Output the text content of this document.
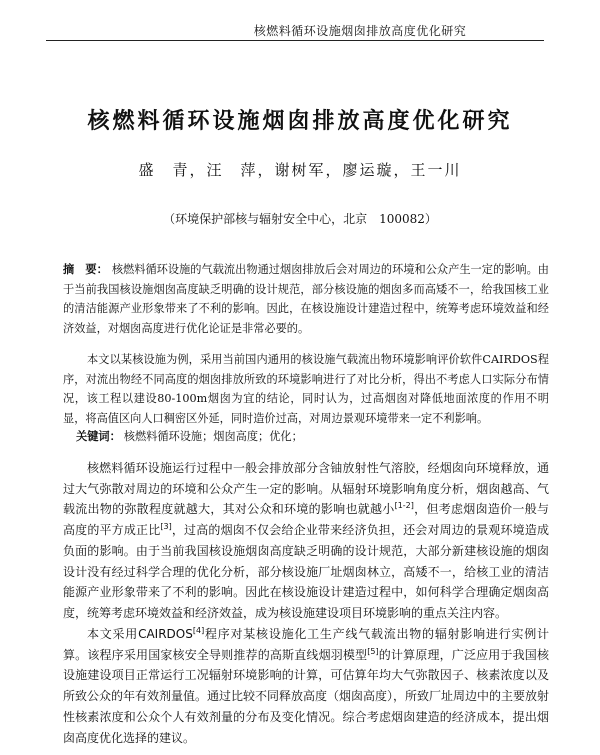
核燃料循环设施烟囱排放高度优化研究
核燃料循环设施烟囱排放高度优化研究
盛　青，汪　萍，谢树军，廖运璇，王一川
（环境保护部核与辐射安全中心，北京　100082）
摘　要： 核燃料循环设施的气载流出物通过烟囱排放后会对周边的环境和公众产生一定的影响。由于当前我国核设施烟囱高度缺乏明确的设计规范，部分核设施的烟囱多而高矮不一，给我国核工业的清洁能源产业形象带来了不利的影响。因此，在核设施设计建造过程中，统筹考虑环境效益和经济效益，对烟囱高度进行优化论证是非常必要的。
本文以某核设施为例，采用当前国内通用的核设施气载流出物环境影响评价软件CAIRDOS程序，对流出物经不同高度的烟囱排放所致的环境影响进行了对比分析，得出不考虑人口实际分布情况，该工程以建设80-100m烟囱为宜的结论，同时认为，过高烟囱对降低地面浓度的作用不明显，将高值区向人口稠密区外延，同时造价过高，对周边景观环境带来一定不利影响。
关键词： 核燃料循环设施；烟囱高度；优化；
核燃料循环设施运行过程中一般会排放部分含铀放射性气溶胶，经烟囱向环境释放，通过大气弥散对周边的环境和公众产生一定的影响。从辐射环境影响角度分析，烟囱越高、气载流出物的弥散程度就越大，其对公众和环境的影响也就越小[1-2]，但考虑烟囱造价一般与高度的平方成正比[3]，过高的烟囱不仅会给企业带来经济负担，还会对周边的景观环境造成负面的影响。由于当前我国核设施烟囱高度缺乏明确的设计规范，大部分新建核设施的烟囱设计没有经过科学合理的优化分析，部分核设施厂址烟囱林立，高矮不一，给核工业的清洁能源产业形象带来了不利的影响。因此在核设施设计建造过程中，如何科学合理确定烟囱高度，统筹考虑环境效益和经济效益，成为核设施建设项目环境影响的重点关注内容。
本文采用CAIRDOS[4]程序对某核设施化工生产线气载流出物的辐射影响进行实例计算。该程序采用国家核安全导则推荐的高斯直线烟羽模型[5]的计算原理，广泛应用于我国核设施建设项目正常运行工况辐射环境影响的计算，可估算年均大气弥散因子、核素浓度以及所致公众的年有效剂量值。通过比较不同释放高度（烟囱高度），所致厂址周边中的主要放射性核素浓度和公众个人有效剂量的分布及变化情况。综合考虑烟囱建造的经济成本，提出烟囱高度优化选择的建议。
